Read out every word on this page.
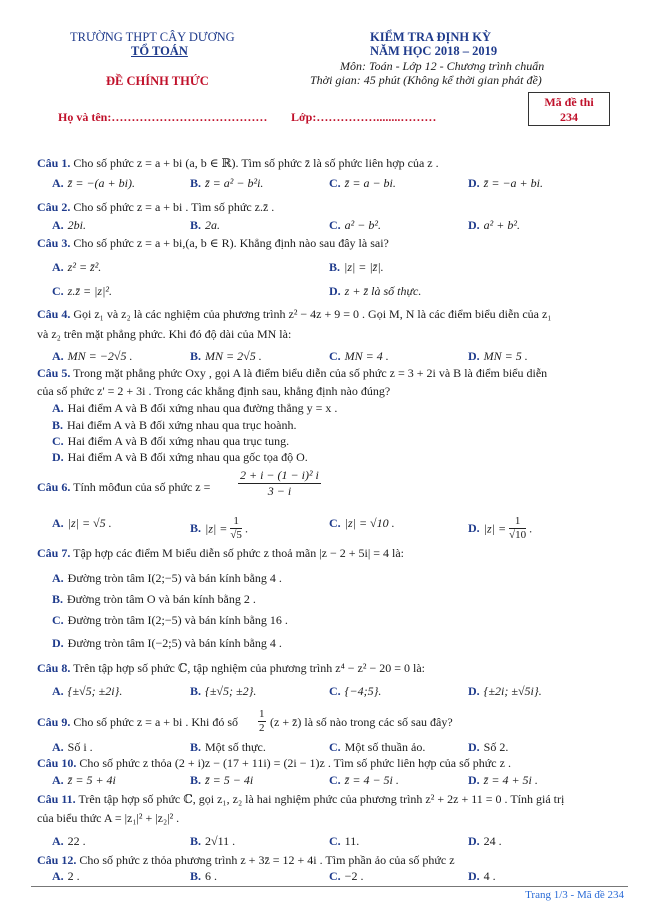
TRƯỜNG THPT CÂY DƯƠNG
TỔ TOÁN
ĐỀ CHÍNH THỨC
KIỂM TRA ĐỊNH KỲ
NĂM HỌC 2018 – 2019
Môn: Toán - Lớp 12 - Chương trình chuẩn
Thời gian: 45 phút (Không kể thời gian phát đề)
Họ và tên:………………………………… Lớp:……………........………
Mã đề thi
234
Câu 1. Cho số phức z = a + bi (a, b ∈ ℝ). Tìm số phức z̄ là số phức liên hợp của z .
A. z̄ = −(a + bi).	B. z̄ = a² − b²i.	C. z̄ = a − bi.	D. z̄ = −a + bi.
Câu 2. Cho số phức z = a + bi . Tìm số phức z.z̄ .
A. 2bi.	B. 2a.	C. a² − b².	D. a² + b².
Câu 3. Cho số phức z = a + bi,(a, b ∈ R). Khẳng định nào sau đây là sai?
A. z² = z̄².	B. |z| = |z̄|.
C. z.z̄ = |z|².	D. z + z̄ là số thực.
Câu 4. Gọi z₁ và z₂ là các nghiệm của phương trình z² − 4z + 9 = 0 . Gọi M, N là các điểm biểu diễn của z₁
và z₂ trên mặt phẳng phức. Khi đó độ dài của MN là:
A. MN = −2√5 .	B. MN = 2√5 .	C. MN = 4 .	D. MN = 5 .
Câu 5. Trong mặt phẳng phức Oxy , gọi A là điểm biểu diễn của số phức z = 3 + 2i và B là điểm biểu diễn
của số phức z' = 2 + 3i . Trong các khẳng định sau, khẳng định nào đúng?
A. Hai điểm A và B đối xứng nhau qua đường thẳng y = x .
B. Hai điểm A và B đối xứng nhau qua trục hoành.
C. Hai điểm A và B đối xứng nhau qua trục tung.
D. Hai điểm A và B đối xứng nhau qua gốc tọa độ O.
Câu 6. Tính môđun của số phức $z = \frac{\text{2 + i − (1 − i)² i}}{3 - i}$
A. |z| = √5 .	B. $|z| = \frac{1}{√5}$ .	C. |z| = √10 .	D. $|z| = \frac{1}{√10}$ .
Câu 7. Tập hợp các điểm M biểu diễn số phức z thoả mãn |z − 2 + 5i| = 4 là:
A. Đường tròn tâm I(2;−5) và bán kính bằng 4 .
B. Đường tròn tâm O và bán kính bằng 2 .
C. Đường tròn tâm I(2;−5) và bán kính bằng 16 .
D. Đường tròn tâm I(−2;5) và bán kính bằng 4 .
Câu 8. Trên tập hợp số phức ℂ, tập nghiệm của phương trình z⁴ − z² − 20 = 0 là:
A. {±√5; ±2i}.	B. {±√5; ±2}.	C. {−4;5}.	D. {±2i; ±√5i}.
Câu 9. Cho số phức z = a + bi . Khi đó số $\frac{1}{2} (z$ + z̄) là số nào trong các số sau đây?
A. Số i .	B. Một số thực.	C. Một số thuần ảo.	D. Số 2.
Câu 10. Cho số phức z thỏa (2 + i)z − (17 + 11i) = (2i − 1)z . Tìm số phức liên hợp của số phức z .
A. z̄ = 5 + 4i	B. z̄ = 5 − 4i	C. z̄ = 4 − 5i .	D. z̄ = 4 + 5i .
Câu 11. Trên tập hợp số phức ℂ, gọi z₁, z₂ là hai nghiệm phức của phương trình z² + 2z + 11 = 0 . Tính giá trị
của biểu thức A = |z₁|² + |z₂|² .
A. 22 .	B. 2√11 .	C. 11.	D. 24 .
Câu 12. Cho số phức z thỏa phương trình z + 3z̄ = 12 + 4i . Tìm phần ảo của số phức z
A. 2 .	B. 6 .	C. −2 .	D. 4 .
Trang 1/3 - Mã đề 234
